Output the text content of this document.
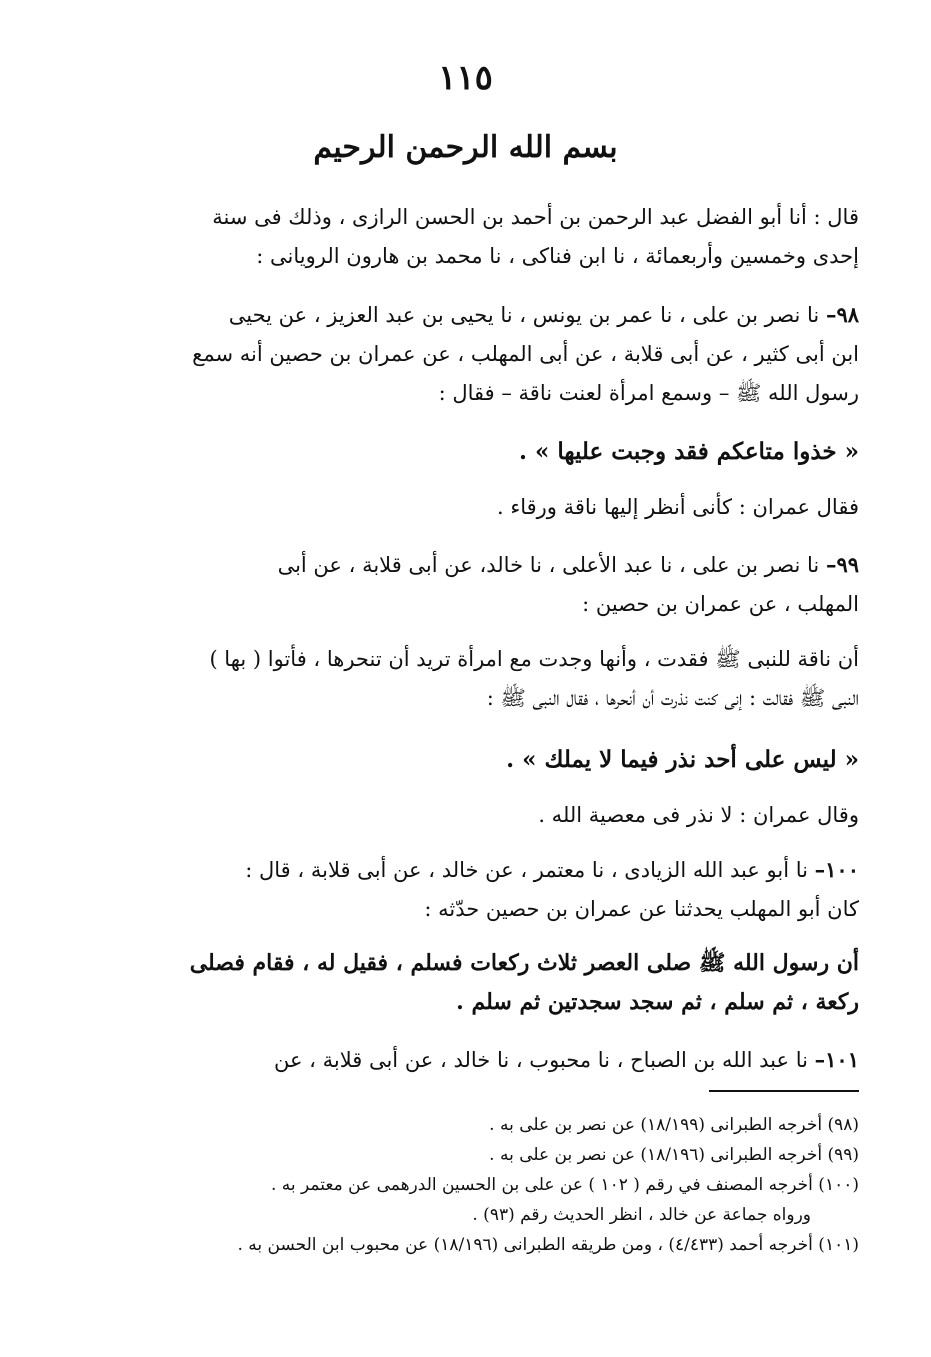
١١٥
بسم الله الرحمن الرحيم
قال : أنا أبو الفضل عبد الرحمن بن أحمد بن الحسن الرازى ، وذلك فى سنة
إحدى وخمسين وأربعمائة ، نا ابن فناكى ، نا محمد بن هارون الرويانى :
٩٨– نا نصر بن على ، نا عمر بن يونس ، نا يحيى بن عبد العزيز ، عن يحيى
ابن أبى كثير ، عن أبى قلابة ، عن أبى المهلب ، عن عمران بن حصين أنه سمع
رسول الله ﷺ – وسمع امرأة لعنت ناقة – فقال :
« خذوا متاعكم فقد وجبت عليها » .
فقال عمران : كأنى أنظر إليها ناقة ورقاء .
٩٩– نا نصر بن على ، نا عبد الأعلى ، نا خالد، عن أبى قلابة ، عن أبى
المهلب ، عن عمران بن حصين :
أن ناقة للنبى ﷺ فقدت ، وأنها وجدت مع امرأة تريد أن تنحرها ، فأتوا ( بها )
النبى ﷺ فقالت : إنى كنت نذرت أن أنحرها ، فقال النبى ﷺ :
« ليس على أحد نذر فيما لا يملك » .
وقال عمران : لا نذر فى معصية الله .
١٠٠– نا أبو عبد الله الزيادى ، نا معتمر ، عن خالد ، عن أبى قلابة ، قال :
كان أبو المهلب يحدثنا عن عمران بن حصين حدّثه :
أن رسول الله ﷺ صلى العصر ثلاث ركعات فسلم ، فقيل له ، فقام فصلى
ركعة ، ثم سلم ، ثم سجد سجدتين ثم سلم .
١٠١– نا عبد الله بن الصباح ، نا محبوب ، نا خالد ، عن أبى قلابة ، عن
(٩٨) أخرجه الطبرانى (١٨/١٩٩) عن نصر بن على به .
(٩٩) أخرجه الطبرانى (١٨/١٩٦) عن نصر بن على به .
(١٠٠) أخرجه المصنف في رقم ( ١٠٢ ) عن على بن الحسين الدرهمى عن معتمر به .
ورواه جماعة عن خالد ، انظر الحديث رقم (٩٣) .
(١٠١) أخرجه أحمد (٤/٤٣٣) ، ومن طريقه الطبرانى (١٨/١٩٦) عن محبوب ابن الحسن به .
